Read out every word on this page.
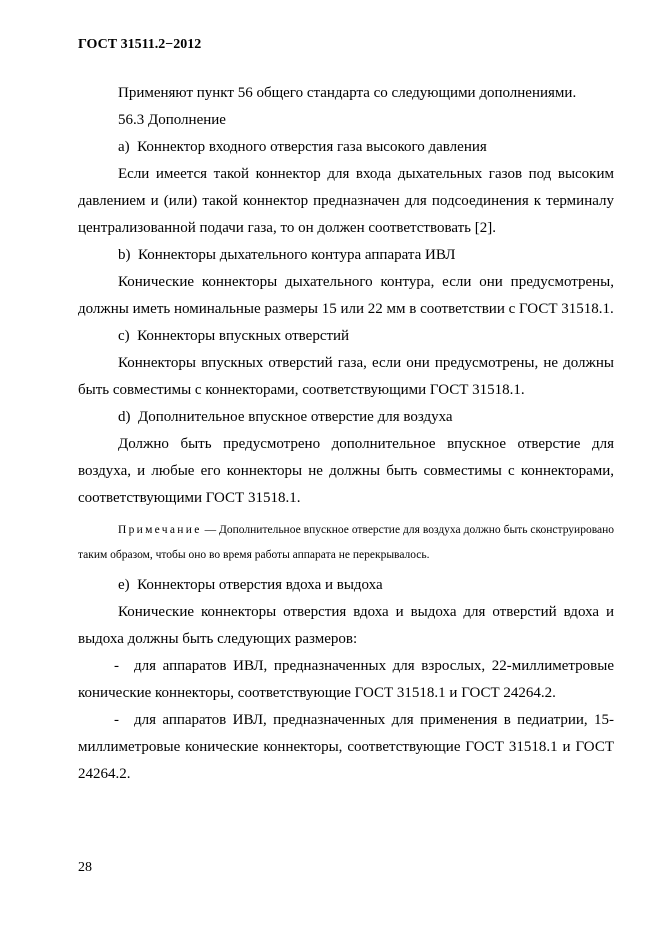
ГОСТ 31511.2−2012

Применяют пункт 56 общего стандарта со следующими дополнениями.

56.3 Дополнение

a) Коннектор входного отверстия газа высокого давления

Если имеется такой коннектор для входа дыхательных газов под высоким давлением и (или) такой коннектор предназначен для подсоединения к терминалу централизованной подачи газа, то он должен соответствовать [2].

b) Коннекторы дыхательного контура аппарата ИВЛ

Конические коннекторы дыхательного контура, если они предусмотрены, должны иметь номинальные размеры 15 или 22 мм в соответствии с ГОСТ 31518.1.

c) Коннекторы впускных отверстий

Коннекторы впускных отверстий газа, если они предусмотрены, не должны быть совместимы с коннекторами, соответствующими ГОСТ 31518.1.

d) Дополнительное впускное отверстие для воздуха

Должно быть предусмотрено дополнительное впускное отверстие для воздуха, и любые его коннекторы не должны быть совместимы с коннекторами, соответствующими ГОСТ 31518.1.

Примечание — Дополнительное впускное отверстие для воздуха должно быть сконструировано таким образом, чтобы оно во время работы аппарата не перекрывалось.

e) Коннекторы отверстия вдоха и выдоха

Конические коннекторы отверстия вдоха и выдоха для отверстий вдоха и выдоха должны быть следующих размеров:

- для аппаратов ИВЛ, предназначенных для взрослых, 22-миллиметровые конические коннекторы, соответствующие ГОСТ 31518.1 и ГОСТ 24264.2.

- для аппаратов ИВЛ, предназначенных для применения в педиатрии, 15-миллиметровые конические коннекторы, соответствующие ГОСТ 31518.1 и ГОСТ 24264.2.

28
